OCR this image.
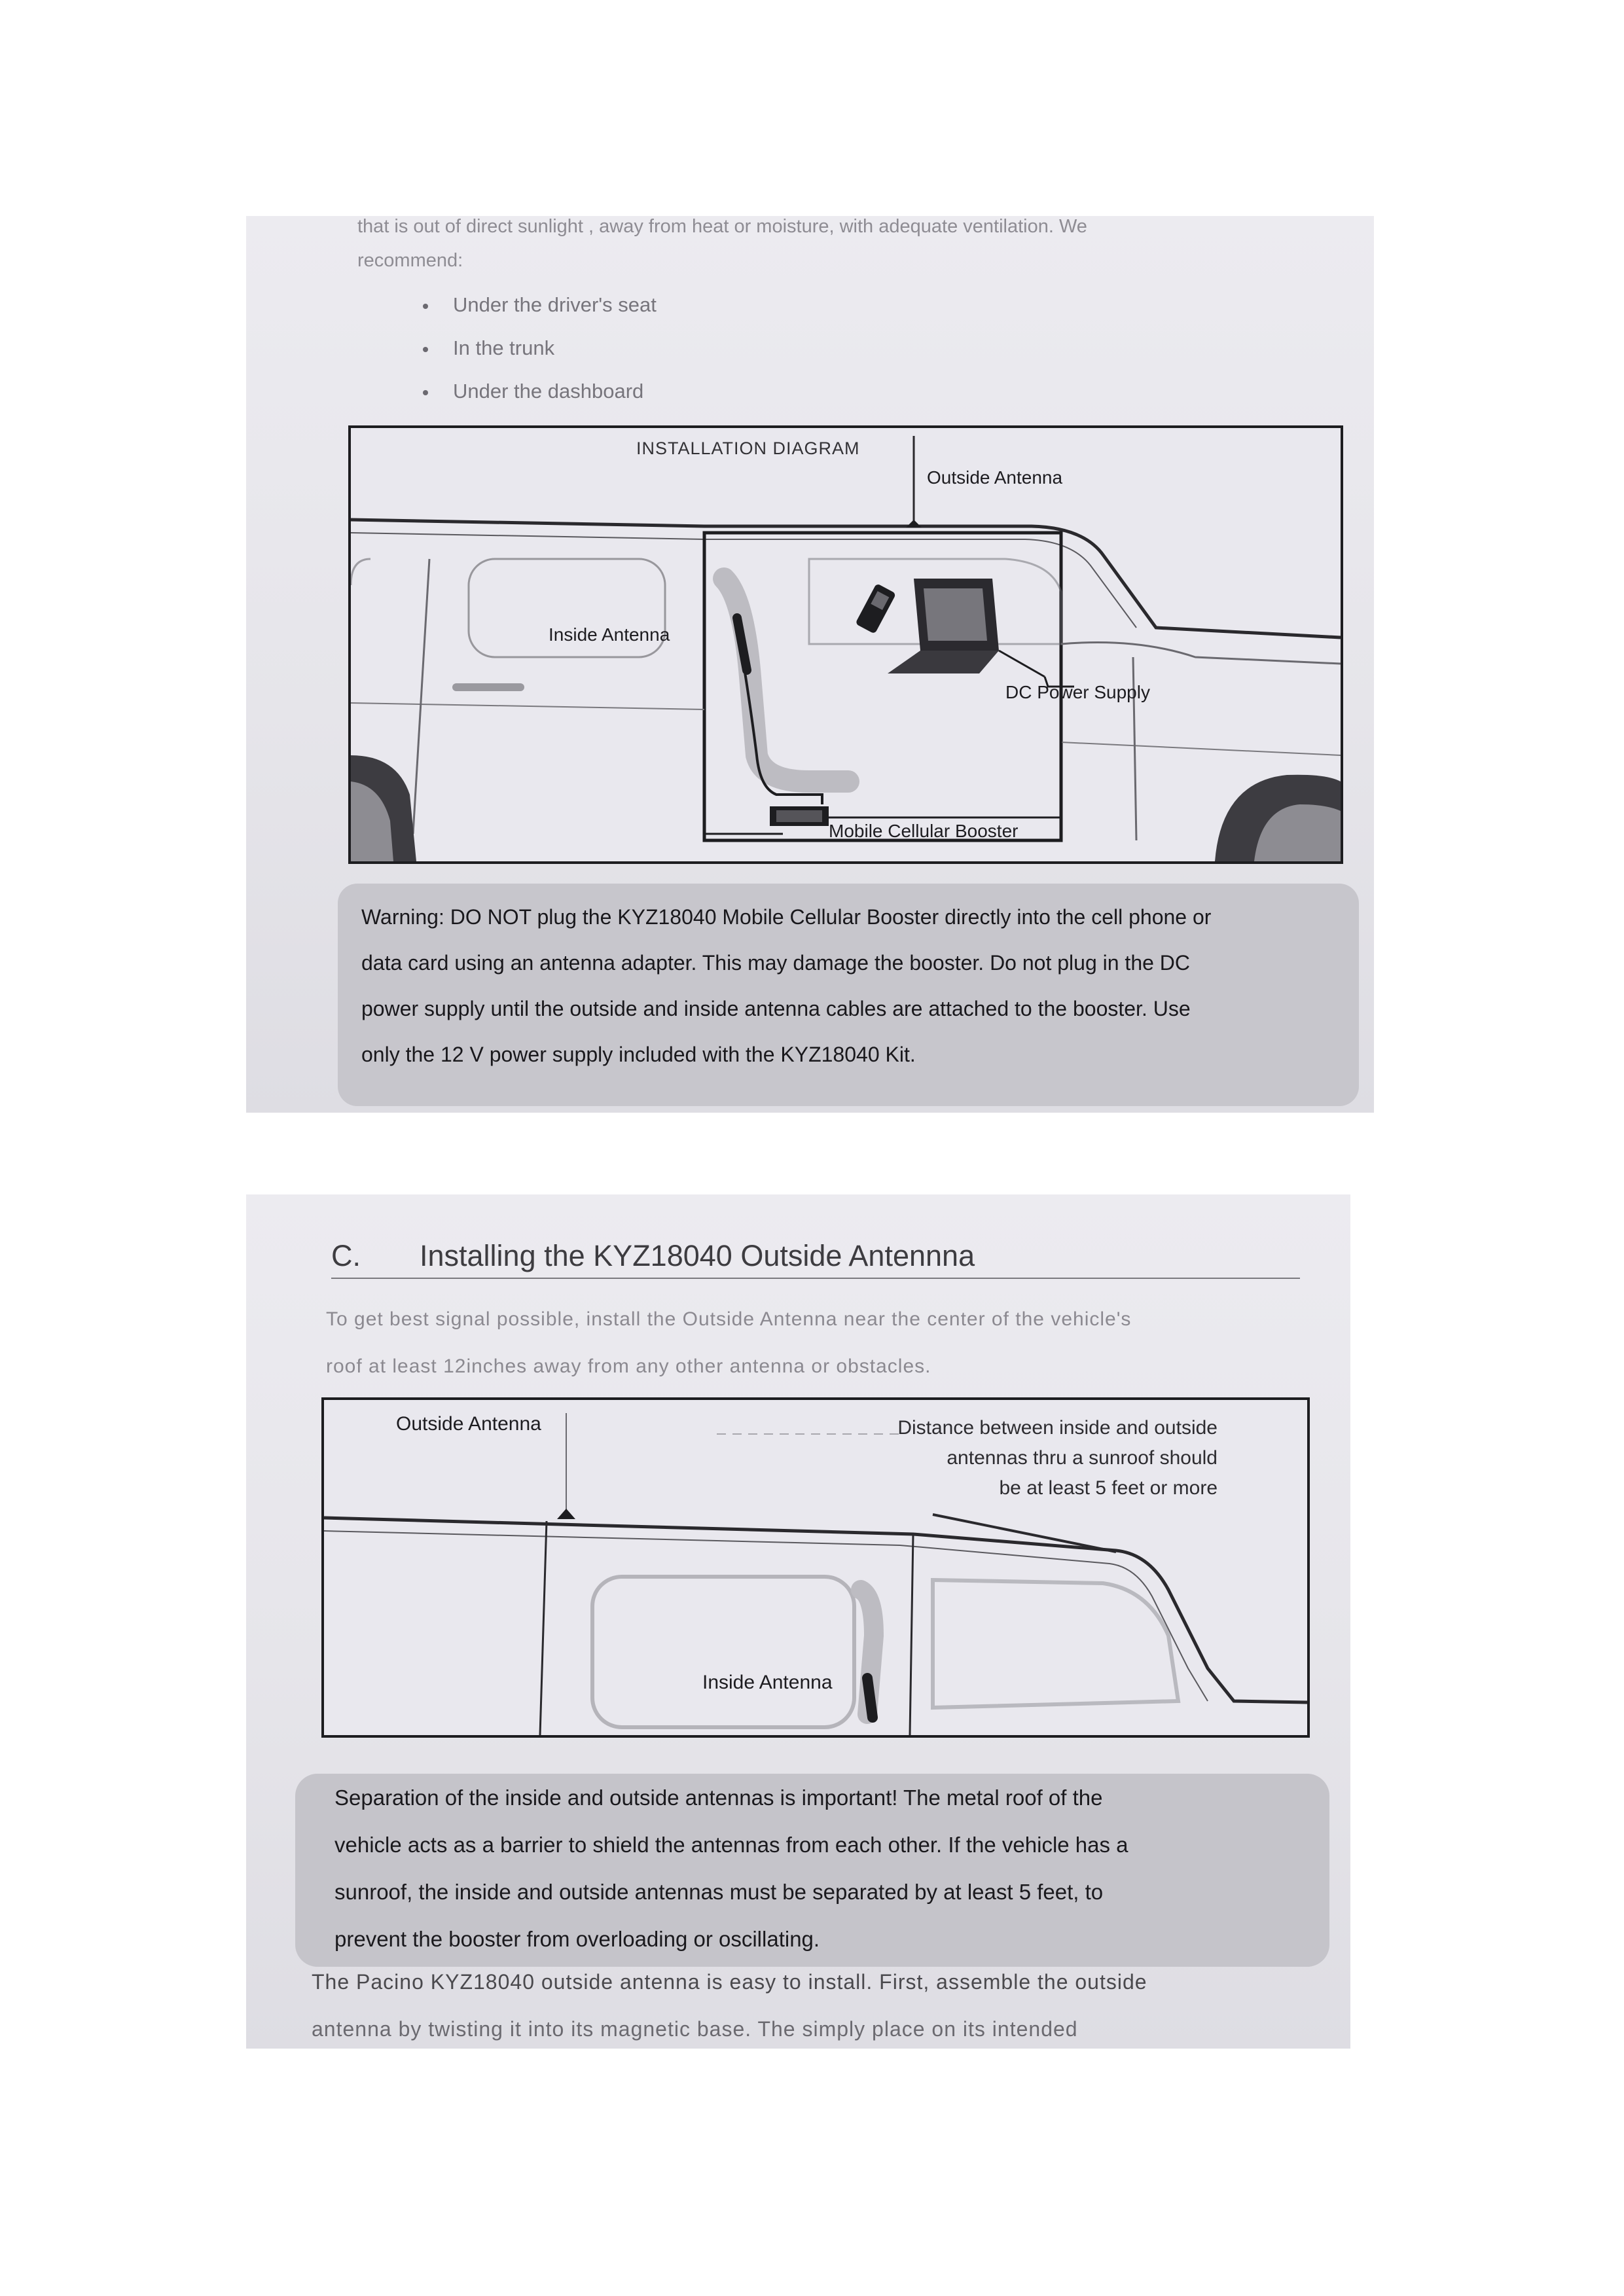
that is out of direct sunlight , away from heat or moisture, with adequate ventilation. We
recommend:
Under the driver's seat
In the trunk
Under the dashboard
INSTALLATION DIAGRAM
Outside Antenna
Inside Antenna
DC Power Supply
Mobile Cellular Booster
Warning: DO NOT plug the KYZ18040 Mobile Cellular Booster directly into the cell phone or
data card using an antenna adapter. This may damage the booster. Do not plug in the DC
power supply until the outside and inside antenna cables are attached to the booster. Use
only the 12 V power supply included with the KYZ18040 Kit.
C. Installing the KYZ18040 Outside Antennna
To get best signal possible, install the Outside Antenna near the center of the vehicle's
roof at least 12inches away from any other antenna or obstacles.
Outside Antenna
Inside Antenna
Distance between inside and outside
antennas thru a sunroof should
be at least 5 feet or more
Separation of the inside and outside antennas is important! The metal roof of the
vehicle acts as a barrier to shield the antennas from each other. If the vehicle has a
sunroof, the inside and outside antennas must be separated by at least 5 feet, to
prevent the booster from overloading or oscillating.
The Pacino KYZ18040 outside antenna is easy to install. First, assemble the outside
antenna by twisting it into its magnetic base. The simply place on its intended
